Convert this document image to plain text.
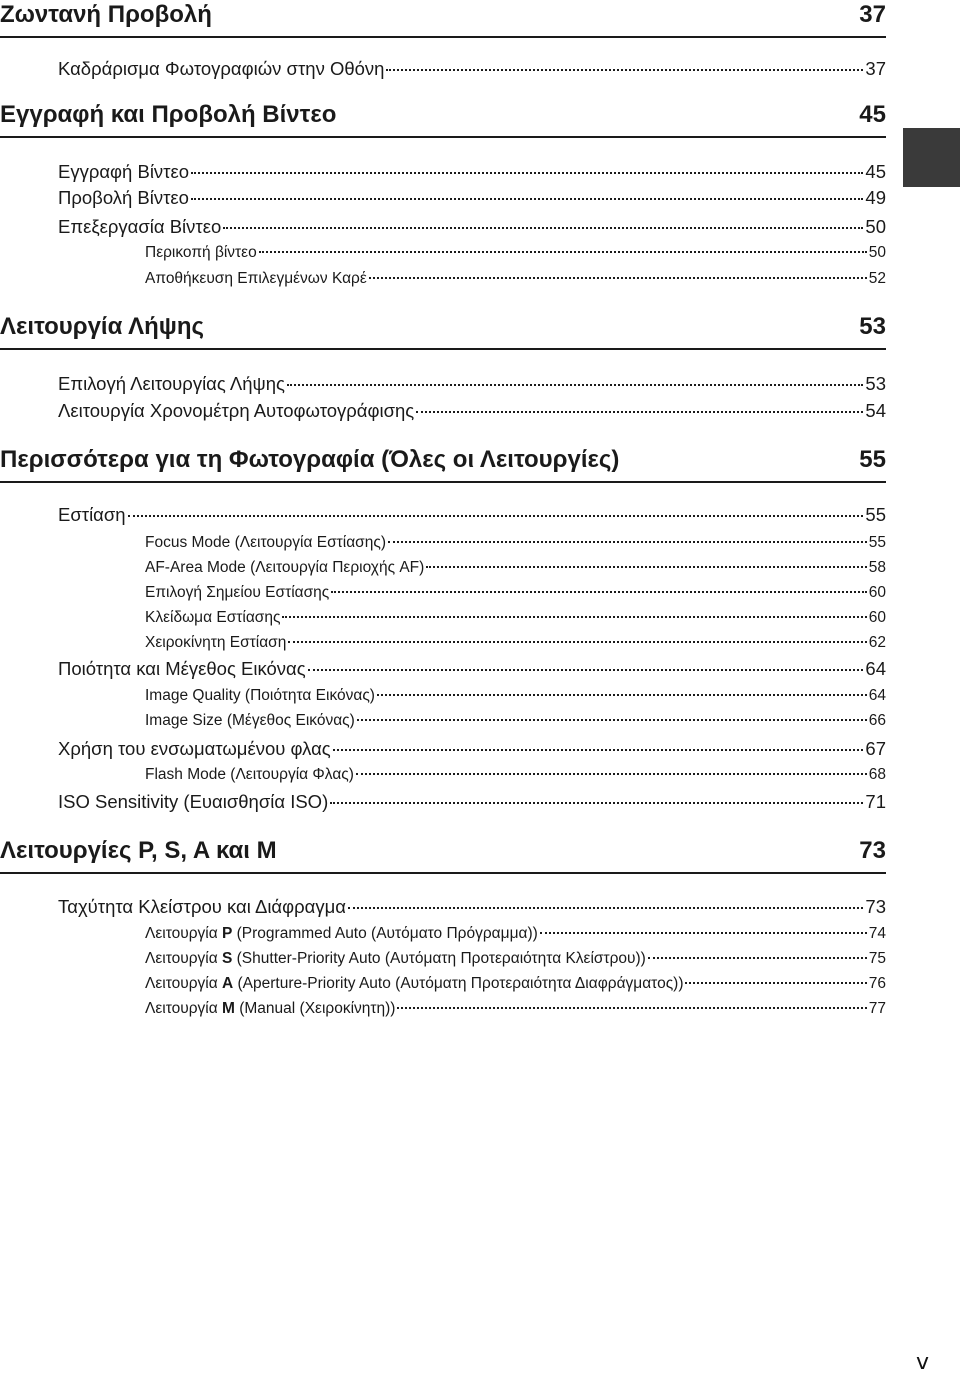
Ζωντανή Προβολή	37
Καδράρισμα Φωτογραφιών στην Οθόνη	37
Εγγραφή και Προβολή Βίντεο	45
Εγγραφή Βίντεο	45
Προβολή Βίντεο	49
Επεξεργασία Βίντεο	50
Περικοπή βίντεο	50
Αποθήκευση Επιλεγμένων Καρέ	52
Λειτουργία Λήψης	53
Επιλογή Λειτουργίας Λήψης	53
Λειτουργία Χρονομέτρη Αυτοφωτογράφισης	54
Περισσότερα για τη Φωτογραφία (Όλες οι Λειτουργίες)	55
Εστίαση	55
Focus Mode (Λειτουργία Εστίασης)	55
AF-Area Mode (Λειτουργία Περιοχής AF)	58
Επιλογή Σημείου Εστίασης	60
Κλείδωμα Εστίασης	60
Χειροκίνητη Εστίαση	62
Ποιότητα και Μέγεθος Εικόνας	64
Image Quality (Ποιότητα Εικόνας)	64
Image Size (Μέγεθος Εικόνας)	66
Χρήση του ενσωματωμένου φλας	67
Flash Mode (Λειτουργία Φλας)	68
ISO Sensitivity (Ευαισθησία ISO)	71
Λειτουργίες P, S, A και M	73
Ταχύτητα Κλείστρου και Διάφραγμα	73
Λειτουργία P (Programmed Auto (Αυτόματο Πρόγραμμα))	74
Λειτουργία S (Shutter-Priority Auto (Αυτόματη Προτεραιότητα Κλείστρου))	75
Λειτουργία A (Aperture-Priority Auto (Αυτόματη Προτεραιότητα Διαφράγματος))	76
Λειτουργία M (Manual (Χειροκίνητη))	77
v
